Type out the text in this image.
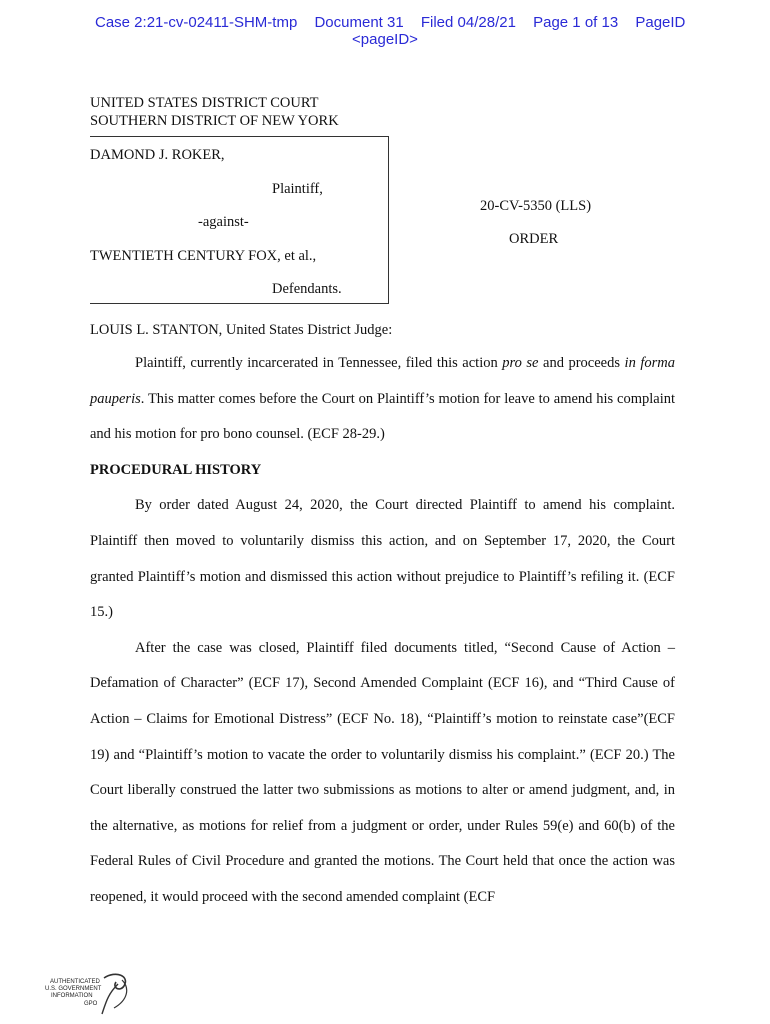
Case 2:21-cv-02411-SHM-tmp Document 31 Filed 04/28/21 Page 1 of 13 PageID
<pageID>
UNITED STATES DISTRICT COURT
SOUTHERN DISTRICT OF NEW YORK
DAMOND J. ROKER,
Plaintiff,
-against-
TWENTIETH CENTURY FOX, et al.,
Defendants.
20-CV-5350 (LLS)
ORDER
LOUIS L. STANTON, United States District Judge:

Plaintiff, currently incarcerated in Tennessee, filed this action pro se and proceeds in forma pauperis. This matter comes before the Court on Plaintiff’s motion for leave to amend his complaint and his motion for pro bono counsel. (ECF 28-29.)

PROCEDURAL HISTORY

By order dated August 24, 2020, the Court directed Plaintiff to amend his complaint. Plaintiff then moved to voluntarily dismiss this action, and on September 17, 2020, the Court granted Plaintiff’s motion and dismissed this action without prejudice to Plaintiff’s refiling it. (ECF 15.)

After the case was closed, Plaintiff filed documents titled, “Second Cause of Action – Defamation of Character” (ECF 17), Second Amended Complaint (ECF 16), and “Third Cause of Action – Claims for Emotional Distress” (ECF No. 18), “Plaintiff’s motion to reinstate case”(ECF 19) and “Plaintiff’s motion to vacate the order to voluntarily dismiss his complaint.” (ECF 20.) The Court liberally construed the latter two submissions as motions to alter or amend judgment, and, in the alternative, as motions for relief from a judgment or order, under Rules 59(e) and 60(b) of the Federal Rules of Civil Procedure and granted the motions. The Court held that once the action was reopened, it would proceed with the second amended complaint (ECF

AUTHENTICATED
U.S. GOVERNMENT
INFORMATION
GPO
